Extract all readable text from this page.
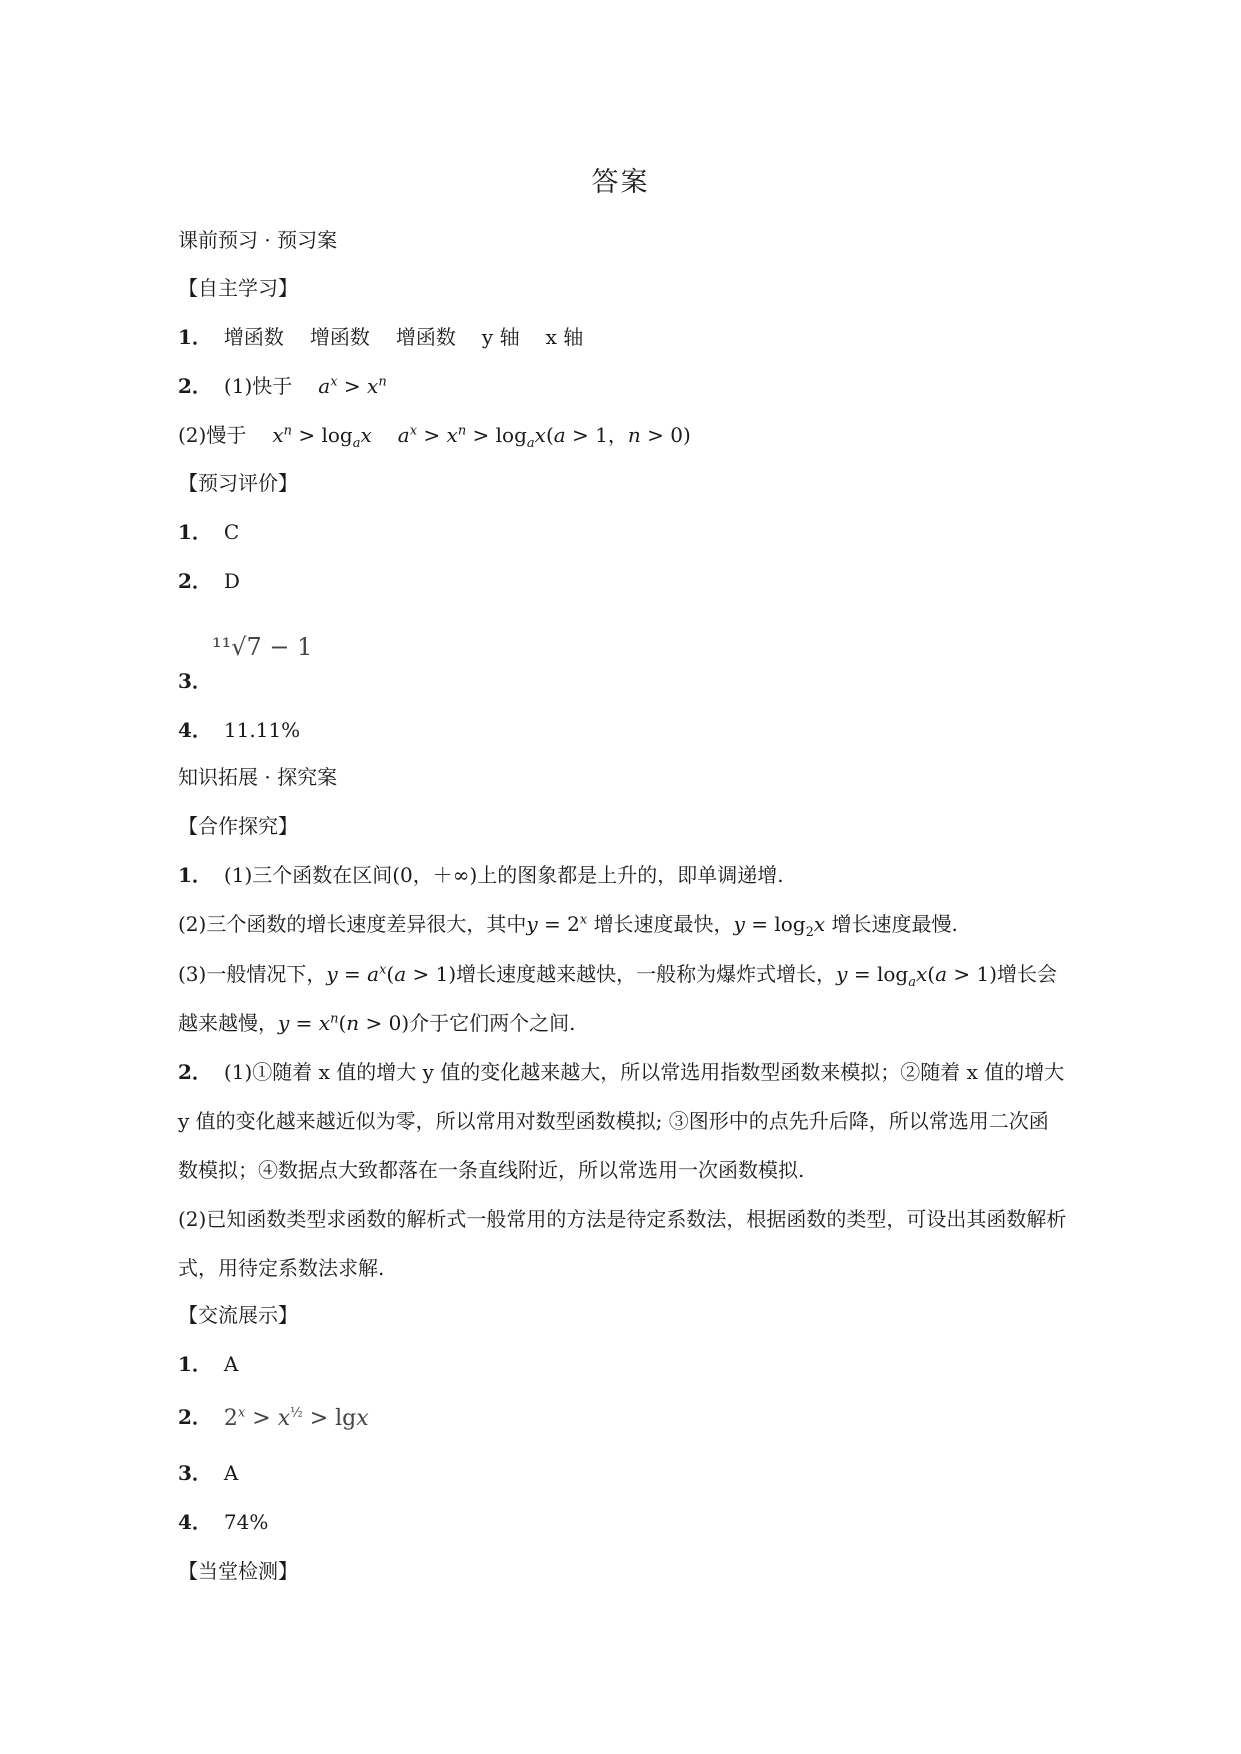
答案
课前预习 · 预习案
【自主学习】
1． 增函数 增函数 增函数 y 轴 x 轴
2． (1)快于 $a^x > x^n$
(2)慢于 $x^n > \log_ax$ $a^x > x^n > \log_ax(a > 1$，n > 0)
【预习评价】
1． C
2． D
¹¹√7 − 1
3．
4． 11.11%
知识拓展 · 探究案
【合作探究】
1． (1)三个函数在区间(0，＋∞)上的图象都是上升的，即单调递增.
(2)三个函数的增长速度差异很大，其中$y = 2^x$ 增长速度最快，$y = \log_2x$ 增长速度最慢.
(3)一般情况下，$y = a^x(a > 1)$增长速度越来越快，一般称为爆炸式增长，$y = \log_ax(a > 1)$增长会
越来越慢，$y = x^n(n > 0)$介于它们两个之间.
2． (1)①随着 x 值的增大 y 值的变化越来越大，所以常选用指数型函数来模拟；②随着 x 值的增大 y 值的变化越来越近似为零，所以常用对数型函数模拟; ③图形中的点先升后降，所以常选用二次函数模拟；④数据点大致都落在一条直线附近，所以常选用一次函数模拟.
(2)已知函数类型求函数的解析式一般常用的方法是待定系数法，根据函数的类型，可设出其函数解析式，用待定系数法求解.
【交流展示】
1． A
2． $2^x > x^{\frac{1}{2}} > \lg x$
3． A
4． 74%
【当堂检测】
